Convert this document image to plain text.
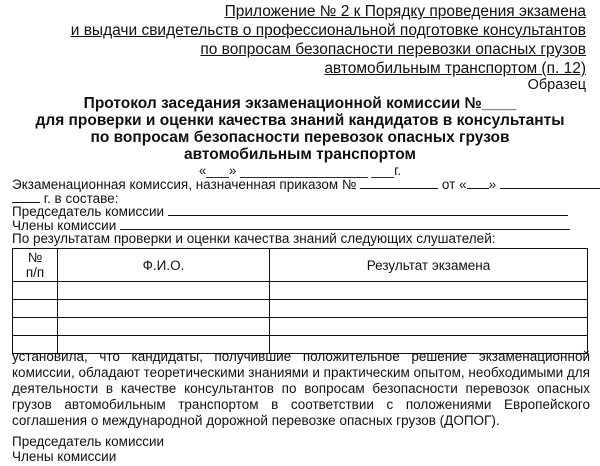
Приложение № 2 к Порядку проведения экзамена
и выдачи свидетельств о профессиональной подготовке консультантов
по вопросам безопасности перевозки опасных грузов
автомобильным транспортом (п. 12)
Образец
Протокол заседания экзаменационной комиссии №____
для проверки и оценки качества знаний кандидатов в консультанты
по вопросам безопасности перевозок опасных грузов
автомобильным транспортом
«___» _________________ ___г.
Экзаменационная комиссия, назначенная приказом №	от « »
г. в составе:
Председатель комиссии
Члены комиссии
По результатам проверки и оценки качества знаний следующих слушателей:
№
п/п	Ф.И.О.	Результат экзамена

установила, что кандидаты, получившие положительное решение экзаменационной комиссии, обладают теоретическими знаниями и практическим опытом, необходимыми для деятельности в качестве консультантов по вопросам безопасности перевозок опасных грузов автомобильным транспортом в соответствии с положениями Европейского соглашения о международной дорожной перевозке опасных грузов (ДОПОГ).
Председатель комиссии
Члены комиссии
